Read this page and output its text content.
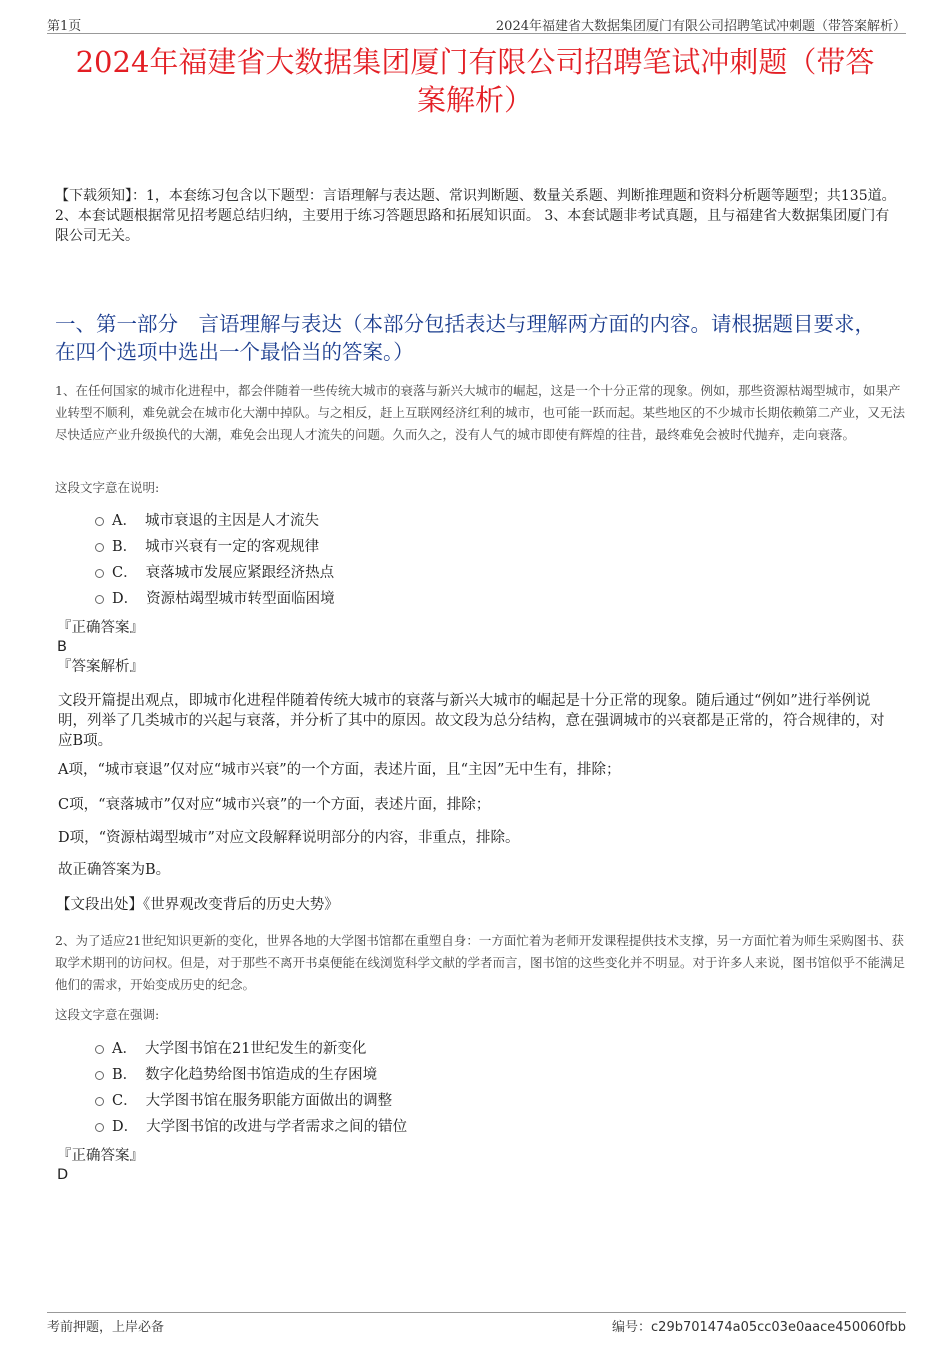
第1页	2024年福建省大数据集团厦门有限公司招聘笔试冲刺题（带答案解析）
2024年福建省大数据集团厦门有限公司招聘笔试冲刺题（带答
案解析）
【下载须知】：1，本套练习包含以下题型：言语理解与表达题、常识判断题、数量关系题、判断推理题和资料分析题等题型；共135道。 2、本套试题根据常见招考题总结归纳，主要用于练习答题思路和拓展知识面。 3、本套试题非考试真题，且与福建省大数据集团厦门有限公司无关。
一、第一部分　言语理解与表达（本部分包括表达与理解两方面的内容。请根据题目要求，在四个选项中选出一个最恰当的答案。）
1、在任何国家的城市化进程中，都会伴随着一些传统大城市的衰落与新兴大城市的崛起，这是一个十分正常的现象。例如，那些资源枯竭型城市，如果产业转型不顺利，难免就会在城市化大潮中掉队。与之相反，赶上互联网经济红利的城市，也可能一跃而起。某些地区的不少城市长期依赖第二产业，又无法尽快适应产业升级换代的大潮，难免会出现人才流失的问题。久而久之，没有人气的城市即使有辉煌的往昔，最终难免会被时代抛弃，走向衰落。
这段文字意在说明:
A． 城市衰退的主因是人才流失
B． 城市兴衰有一定的客观规律
C． 衰落城市发展应紧跟经济热点
D． 资源枯竭型城市转型面临困境
『正确答案』
B
『答案解析』
文段开篇提出观点，即城市化进程伴随着传统大城市的衰落与新兴大城市的崛起是十分正常的现象。随后通过“例如”进行举例说明，列举了几类城市的兴起与衰落，并分析了其中的原因。故文段为总分结构，意在强调城市的兴衰都是正常的，符合规律的，对应B项。
A项，“城市衰退”仅对应“城市兴衰”的一个方面，表述片面，且“主因”无中生有，排除；
C项，“衰落城市”仅对应“城市兴衰”的一个方面，表述片面，排除；
D项，“资源枯竭型城市”对应文段解释说明部分的内容，非重点，排除。
故正确答案为B。
【文段出处】《世界观改变背后的历史大势》
2、为了适应21世纪知识更新的变化，世界各地的大学图书馆都在重塑自身：一方面忙着为老师开发课程提供技术支撑，另一方面忙着为师生采购图书、获取学术期刊的访问权。但是，对于那些不离开书桌便能在线浏览科学文献的学者而言，图书馆的这些变化并不明显。对于许多人来说，图书馆似乎不能满足他们的需求，开始变成历史的纪念。
这段文字意在强调:
A． 大学图书馆在21世纪发生的新变化
B． 数字化趋势给图书馆造成的生存困境
C． 大学图书馆在服务职能方面做出的调整
D． 大学图书馆的改进与学者需求之间的错位
『正确答案』
D
考前押题，上岸必备	编号：c29b701474a05cc03e0aace450060fbb
